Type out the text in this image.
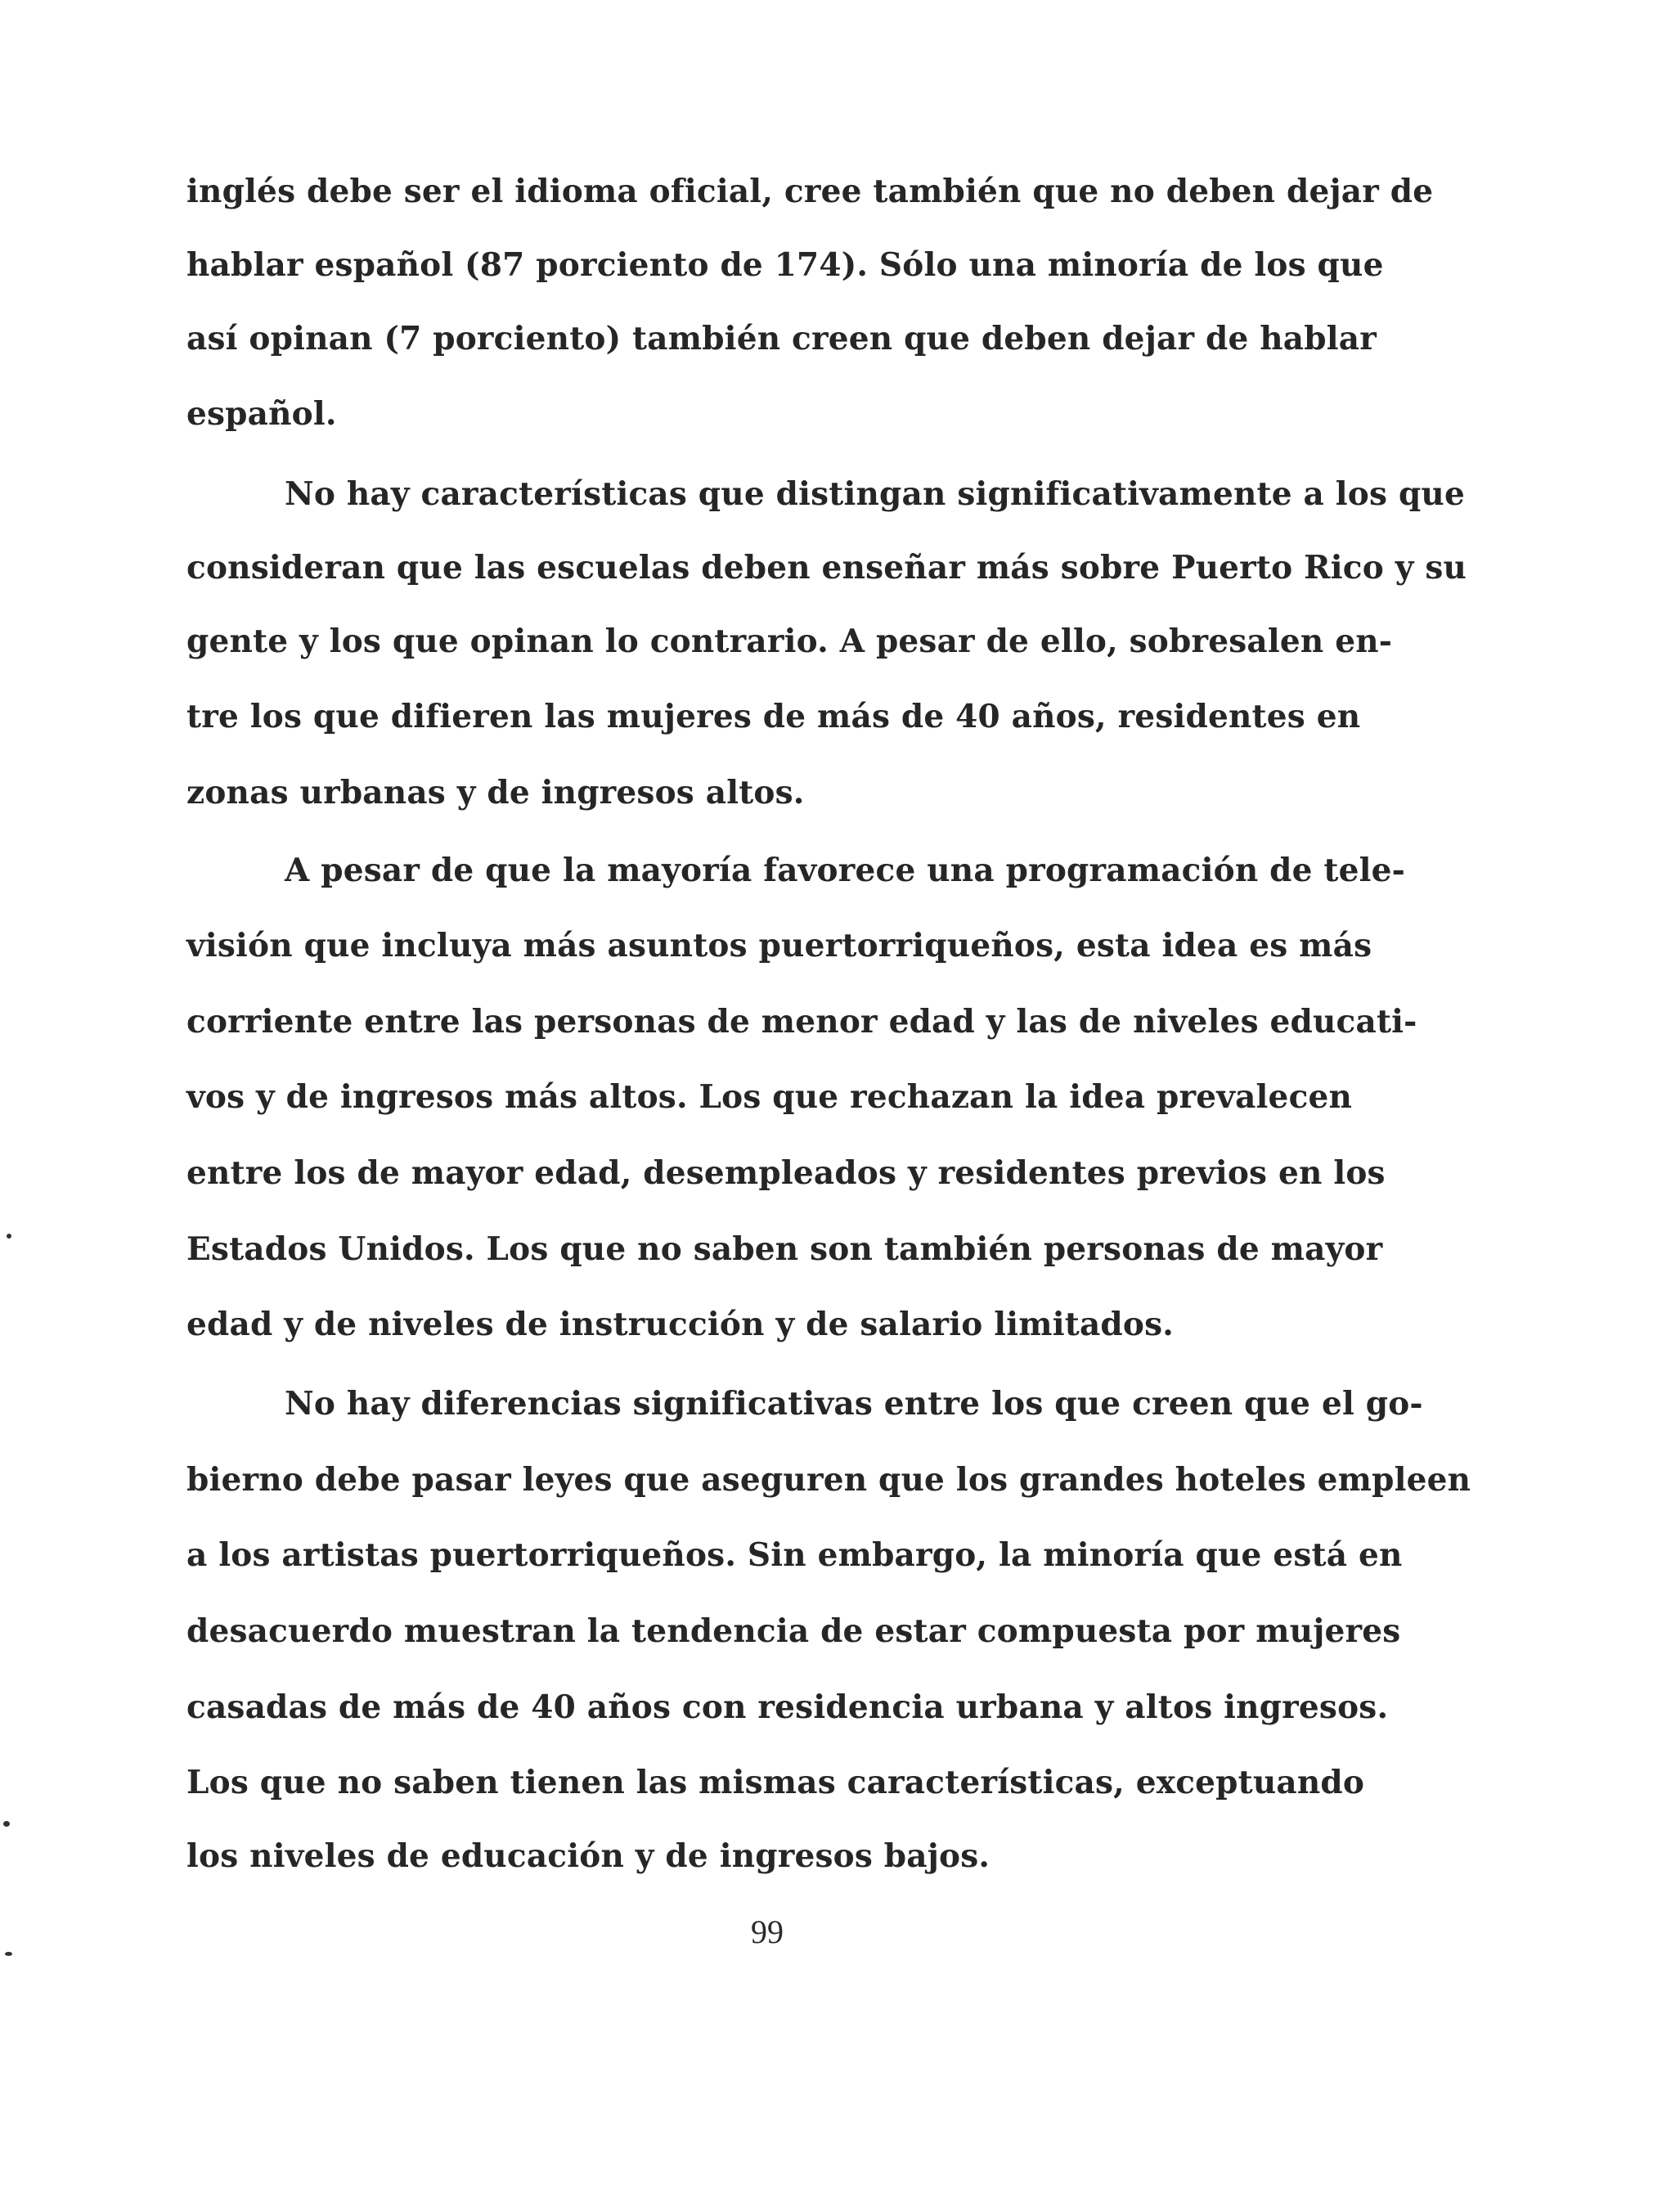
inglés debe ser el idioma oficial, cree también que no deben dejar de
hablar español (87 porciento de 174). Sólo una minoría de los que
así opinan (7 porciento) también creen que deben dejar de hablar
español.
No hay características que distingan significativamente a los que
consideran que las escuelas deben enseñar más sobre Puerto Rico y su
gente y los que opinan lo contrario. A pesar de ello, sobresalen en-
tre los que difieren las mujeres de más de 40 años, residentes en
zonas urbanas y de ingresos altos.
A pesar de que la mayoría favorece una programación de tele-
visión que incluya más asuntos puertorriqueños, esta idea es más
corriente entre las personas de menor edad y las de niveles educati-
vos y de ingresos más altos. Los que rechazan la idea prevalecen
entre los de mayor edad, desempleados y residentes previos en los
Estados Unidos. Los que no saben son también personas de mayor
edad y de niveles de instrucción y de salario limitados.
No hay diferencias significativas entre los que creen que el go-
bierno debe pasar leyes que aseguren que los grandes hoteles empleen
a los artistas puertorriqueños. Sin embargo, la minoría que está en
desacuerdo muestran la tendencia de estar compuesta por mujeres
casadas de más de 40 años con residencia urbana y altos ingresos.
Los que no saben tienen las mismas características, exceptuando
los niveles de educación y de ingresos bajos.
99
